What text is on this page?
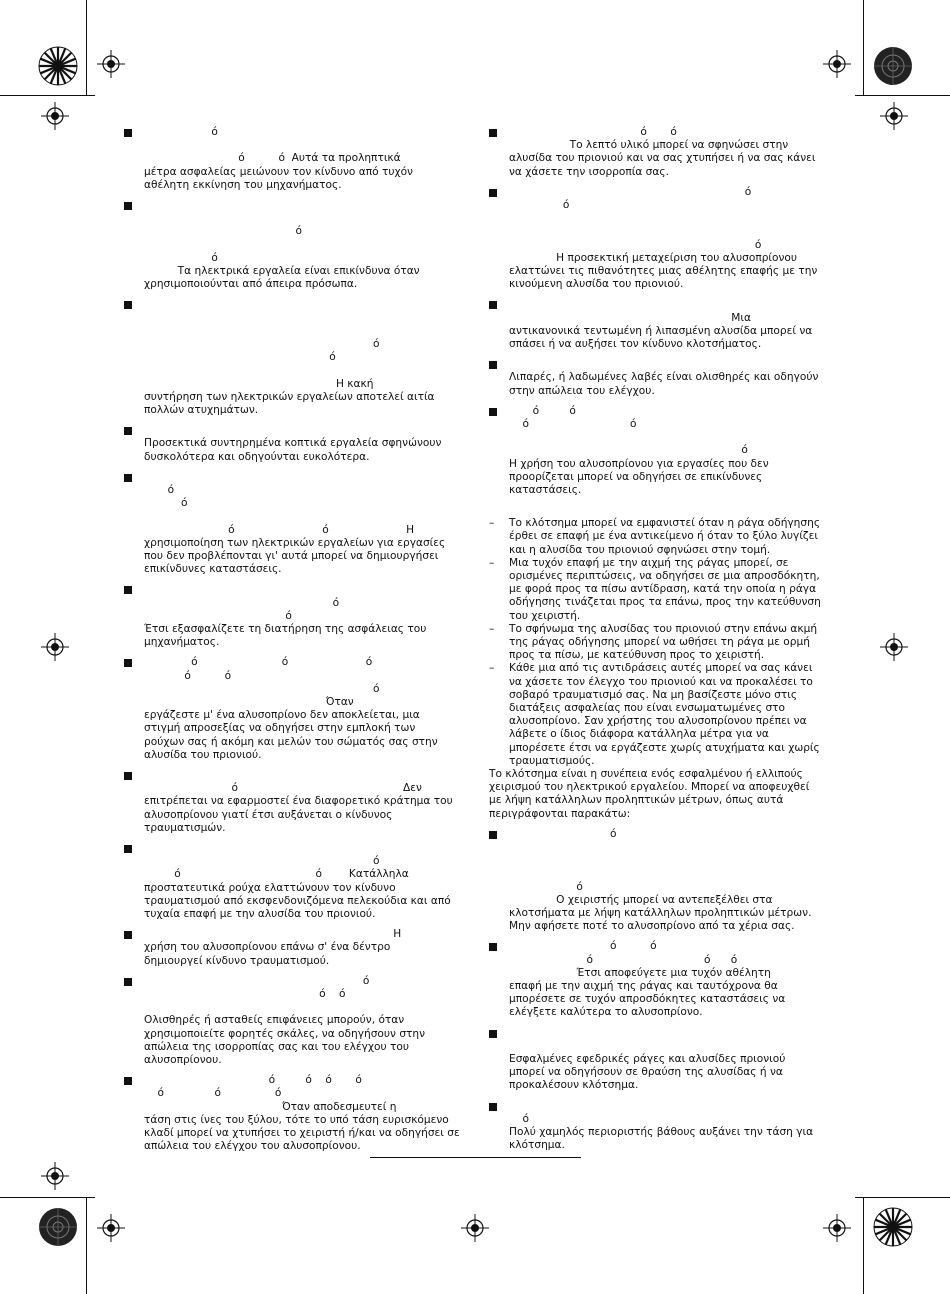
ό
ό          ό  Αυτά τα προληπτικά
μέτρα ασφαλείας μειώνουν τον κίνδυνο από τυχόν
αθέλητη εκκίνηση του μηχανήματος.
ό
ό
Τα ηλεκτρικά εργαλεία είναι επικίνδυνα όταν
χρησιμοποιούνται από άπειρα πρόσωπα.
ό
ό
Η κακή
συντήρηση των ηλεκτρικών εργαλείων αποτελεί αιτία
πολλών ατυχημάτων.
Προσεκτικά συντηρημένα κοπτικά εργαλεία σφηνώνουν
δυσκολότερα και οδηγούνται ευκολότερα.
ό
ό
ό                          ό                       Η
χρησιμοποίηση των ηλεκτρικών εργαλείων για εργασίες
που δεν προβλέπονται γι' αυτά μπορεί να δημιουργήσει
επικίνδυνες καταστάσεις.
ό
ό
Έτσι εξασφαλίζετε τη διατήρηση της ασφάλειας του
μηχανήματος.
ό                         ό                       ό
ό          ό
ό
Όταν
εργάζεστε μ' ένα αλυσοπρίονο δεν αποκλείεται, μια
στιγμή απροσεξίας να οδηγήσει στην εμπλοκή των
ρούχων σας ή ακόμη και μελών του σώματός σας στην
αλυσίδα του πριονιού.
ό                                                 Δεν
επιτρέπεται να εφαρμοστεί ένα διαφορετικό κράτημα του
αλυσοπρίονου γιατί έτσι αυξάνεται ο κίνδυνος
τραυματισμών.
ό
ό                                        ό        Κατάλληλα
προστατευτικά ρούχα ελαττώνουν τον κίνδυνο
τραυματισμού από εκσφενδονιζόμενα πελεκούδια και από
τυχαία επαφή με την αλυσίδα του πριονιού.
Η
χρήση του αλυσοπρίονου επάνω σ' ένα δέντρο
δημιουργεί κίνδυνο τραυματισμού.
ό
ό    ό
Ολισθηρές ή ασταθείς επιφάνειες μπορούν, όταν
χρησιμοποιείτε φορητές σκάλες, να οδηγήσουν στην
απώλεια της ισορροπίας σας και του ελέγχου του
αλυσοπρίονου.
ό         ό    ό       ό
ό               ό                ό
Όταν αποδεσμευτεί η
τάση στις ίνες του ξύλου, τότε το υπό τάση ευρισκόμενο
κλαδί μπορεί να χτυπήσει το χειριστή ή/και να οδηγήσει σε
απώλεια του ελέγχου του αλυσοπρίονου.
ό       ό
Το λεπτό υλικό μπορεί να σφηνώσει στην
αλυσίδα του πριονιού και να σας χτυπήσει ή να σας κάνει
να χάσετε την ισορροπία σας.
ό
ό
ό
Η προσεκτική μεταχείριση του αλυσοπρίονου
ελαττώνει τις πιθανότητες μιας αθέλητης επαφής με την
κινούμενη αλυσίδα του πριονιού.
Μια
αντικανονικά τεντωμένη ή λιπασμένη αλυσίδα μπορεί να
σπάσει ή να αυξήσει τον κίνδυνο κλοτσήματος.
Λιπαρές, ή λαδωμένες λαβές είναι ολισθηρές και οδηγούν
στην απώλεια του ελέγχου.
ό         ό
ό                              ό
ό
Η χρήση του αλυσοπρίονου για εργασίες που δεν
προορίζεται μπορεί να οδηγήσει σε επικίνδυνες
καταστάσεις.
– Το κλότσημα μπορεί να εμφανιστεί όταν η ράγα οδήγησης
έρθει σε επαφή με ένα αντικείμενο ή όταν το ξύλο λυγίζει
και η αλυσίδα του πριονιού σφηνώσει στην τομή.
– Μια τυχόν επαφή με την αιχμή της ράγας μπορεί, σε
ορισμένες περιπτώσεις, να οδηγήσει σε μια απροσδόκητη,
με φορά προς τα πίσω αντίδραση, κατά την οποία η ράγα
οδήγησης τινάζεται προς τα επάνω, προς την κατεύθυνση
του χειριστή.
– Το σφήνωμα της αλυσίδας του πριονιού στην επάνω ακμή
της ράγας οδήγησης μπορεί να ωθήσει τη ράγα με ορμή
προς τα πίσω, με κατεύθυνση προς το χειριστή.
– Κάθε μια από τις αντιδράσεις αυτές μπορεί να σας κάνει
να χάσετε τον έλεγχο του πριονιού και να προκαλέσει το
σοβαρό τραυματισμό σας. Να μη βασίζεστε μόνο στις
διατάξεις ασφαλείας που είναι ενσωματωμένες στο
αλυσοπρίονο. Σαν χρήστης του αλυσοπρίονου πρέπει να
λάβετε ο ίδιος διάφορα κατάλληλα μέτρα για να
μπορέσετε έτσι να εργάζεστε χωρίς ατυχήματα και χωρίς
τραυματισμούς.
Το κλότσημα είναι η συνέπεια ενός εσφαλμένου ή ελλιπούς
χειρισμού του ηλεκτρικού εργαλείου. Μπορεί να αποφευχθεί
με λήψη κατάλληλων προληπτικών μέτρων, όπως αυτά
περιγράφονται παρακάτω:
ό
ό
Ο χειριστής μπορεί να αντεπεξέλθει στα
κλοτσήματα με λήψη κατάλληλων προληπτικών μέτρων.
Μην αφήσετε ποτέ το αλυσοπρίονο από τα χέρια σας.
ό          ό
ό                                 ό      ό
Έτσι αποφεύγετε μια τυχόν αθέλητη
επαφή με την αιχμή της ράγας και ταυτόχρονα θα
μπορέσετε σε τυχόν απροσδόκητες καταστάσεις να
ελέγξετε καλύτερα το αλυσοπρίονο.
Εσφαλμένες εφεδρικές ράγες και αλυσίδες πριονιού
μπορεί να οδηγήσουν σε θραύση της αλυσίδας ή να
προκαλέσουν κλότσημα.
ό
Πολύ χαμηλός περιοριστής βάθους αυξάνει την τάση για
κλότσημα.
